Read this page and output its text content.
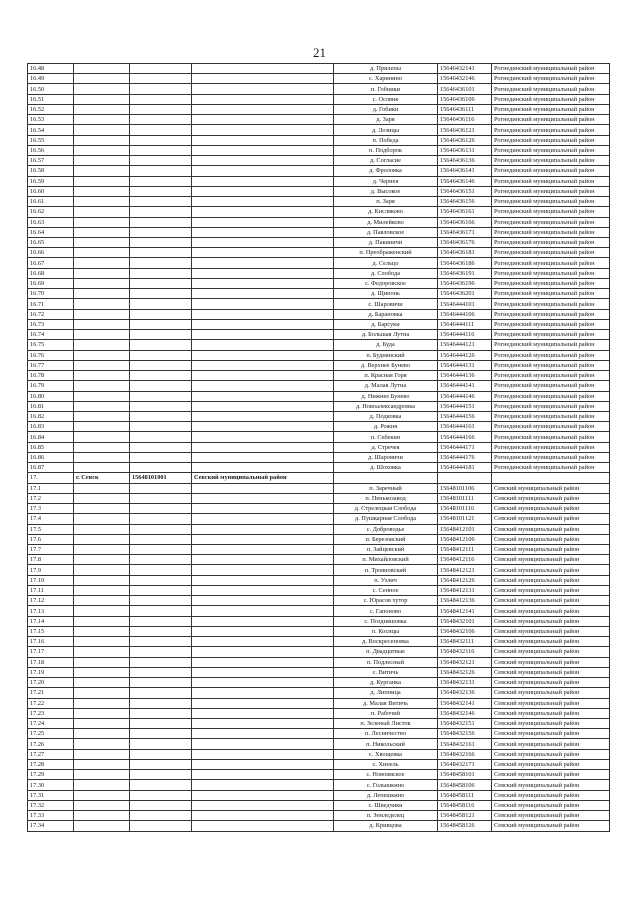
21
16.48				д. Прилепы	15646432141	Рогнединский муниципальный район
16.49				с. Харинино	15646432146	Рогнединский муниципальный район
16.50				п. Гобники	15646436101	Рогнединский муниципальный район
16.51				с. Осовик	15646436106	Рогнединский муниципальный район
16.52				д. Гобики	15646436111	Рогнединский муниципальный район
16.53				д. Заря	15646436116	Рогнединский муниципальный район
16.54				д. Лозицы	15646436121	Рогнединский муниципальный район
16.55				п. Победа	15646436126	Рогнединский муниципальный район
16.56				п. Подборок	15646436131	Рогнединский муниципальный район
16.57				д. Согласие	15646436136	Рогнединский муниципальный район
16.58				д. Фроловка	15646436141	Рогнединский муниципальный район
16.59				д. Чернея	15646436146	Рогнединский муниципальный район
16.60				д. Высокое	15646436151	Рогнединский муниципальный район
16.61				п. Заря	15646436156	Рогнединский муниципальный район
16.62				д. Кисляково	15646436161	Рогнединский муниципальный район
16.63				д. Милейково	15646436166	Рогнединский муниципальный район
16.64				д. Павловское	15646436171	Рогнединский муниципальный район
16.65				д. Пакиничи	15646436176	Рогнединский муниципальный район
16.66				п. Преображенский	15646436181	Рогнединский муниципальный район
16.67				д. Сельцо	15646436186	Рогнединский муниципальный район
16.68				д. Слобода	15646436191	Рогнединский муниципальный район
16.69				с. Федоровское	15646436196	Рогнединский муниципальный район
16.70				д. Щипонь	15646436201	Рогнединский муниципальный район
16.71				с. Шаровичи	15646444101	Рогнединский муниципальный район
16.72				д. Барановка	15646444106	Рогнединский муниципальный район
16.73				д. Барсуки	15646444111	Рогнединский муниципальный район
16.74				д. Большая Лутна	15646444116	Рогнединский муниципальный район
16.75				д. Буда	15646444121	Рогнединский муниципальный район
16.76				п. Буднянский	15646444126	Рогнединский муниципальный район
16.77				д. Верхнее Бунево	15646444131	Рогнединский муниципальный район
16.78				п. Красная Горя	15646444136	Рогнединский муниципальный район
16.79				д. Малая Лутна	15646444141	Рогнединский муниципальный район
16.80				д. Нижнее Бунево	15646444146	Рогнединский муниципальный район
16.81				д. Новоалександровка	15646444151	Рогнединский муниципальный район
16.82				д. Подковка	15646444156	Рогнединский муниципальный район
16.83				д. Рожня	15646444161	Рогнединский муниципальный район
16.84				п. Себекин	15646444166	Рогнединский муниципальный район
16.85				д. Стречея	15646444171	Рогнединский муниципальный район
16.86				д. Шаровичи	15646444176	Рогнединский муниципальный район
16.87				д. Шоховка	15646444181	Рогнединский муниципальный район
17.	г. Севск	15648101001	Севский муниципальный район			
17.1				п. Заречный	15648101106	Севский муниципальный район
17.2				п. Пенькозавод	15648101111	Севский муниципальный район
17.3				д. Стрелецкая Слобода	15648101116	Севский муниципальный район
17.4				д. Пушкарная Слобода	15648101121	Севский муниципальный район
17.5				с. Доброводье	15648412101	Севский муниципальный район
17.6				п. Березовский	15648412106	Севский муниципальный район
17.7				п. Зайцевский	15648412111	Севский муниципальный район
17.8				п. Михайловский	15648412116	Севский муниципальный район
17.9				п. Трояновский	15648412121	Севский муниципальный район
17.10				п. Узлич	15648412126	Севский муниципальный район
17.11				с. Сенное	15648412131	Севский муниципальный район
17.12				с. Юрасов хутор	15648412136	Севский муниципальный район
17.13				с. Гапоново	15648412141	Севский муниципальный район
17.14				с. Поздняшовка	15648432101	Севский муниципальный район
17.15				п. Косицы	15648432106	Севский муниципальный район
17.16				д. Воскресеновка	15648432111	Севский муниципальный район
17.17				п. Двадцатные	15648432116	Севский муниципальный район
17.18				п. Подлесный	15648432121	Севский муниципальный район
17.19				с. Витичь	15648432126	Севский муниципальный район
17.20				д. Курганка	15648432131	Севский муниципальный район
17.21				д. Липница	15648432136	Севский муниципальный район
17.22				д. Малая Витичь	15648432141	Севский муниципальный район
17.23				п. Рабочий	15648432146	Севский муниципальный район
17.24				п. Зеленый Листок	15648432151	Севский муниципальный район
17.25				п. Лесничество	15648432156	Севский муниципальный район
17.26				п. Никольский	15648432161	Севский муниципальный район
17.27				с. Хвощевка	15648432166	Севский муниципальный район
17.28				с. Хинель	15648432171	Севский муниципальный район
17.29				с. Новоямское	15648458101	Севский муниципальный район
17.30				с. Голышкино	15648458106	Севский муниципальный район
17.31				д. Лепешкино	15648458111	Севский муниципальный район
17.32				с. Шведчики	15648458116	Севский муниципальный район
17.33				п. Земледелец	15648458121	Севский муниципальный район
17.34				д. Кривцова	15648458126	Севский муниципальный район
